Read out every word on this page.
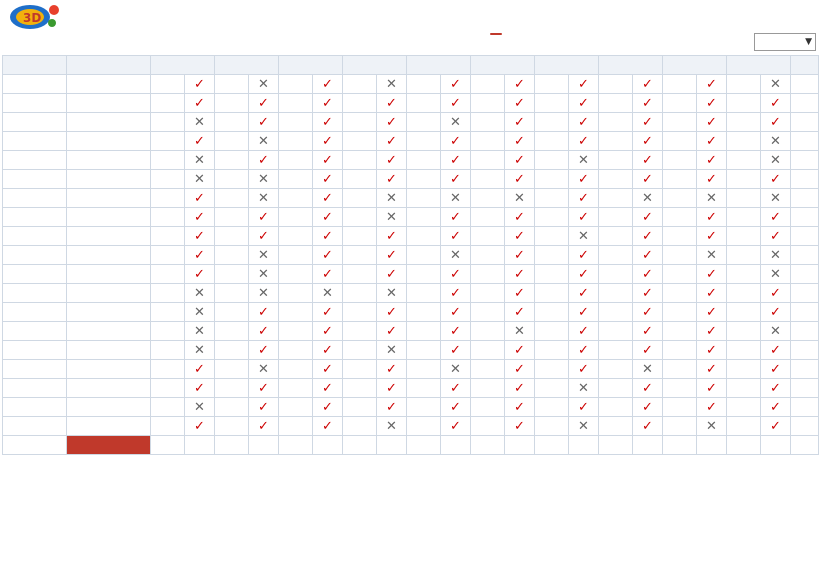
3D
▼

			✓		✕		✓		✕		✓		✓		✓		✓		✓		✕	
			✓		✓		✓		✓		✓		✓		✓		✓		✓		✓	
			✕		✓		✓		✓		✕		✓		✓		✓		✓		✓	
			✓		✕		✓		✓		✓		✓		✓		✓		✓		✕	
			✕		✓		✓		✓		✓		✓		✕		✓		✓		✕	
			✕		✕		✓		✓		✓		✓		✓		✓		✓		✓	
			✓		✕		✓		✕		✕		✕		✓		✕		✕		✕	
			✓		✓		✓		✕		✓		✓		✓		✓		✓		✓	
			✓		✓		✓		✓		✓		✓		✕		✓		✓		✓	
			✓		✕		✓		✓		✕		✓		✓		✓		✕		✕	
			✓		✕		✓		✓		✓		✓		✓		✓		✓		✕	
			✕		✕		✕		✕		✓		✓		✓		✓		✓		✓	
			✕		✓		✓		✓		✓		✓		✓		✓		✓		✓	
			✕		✓		✓		✓		✓		✕		✓		✓		✓		✕	
			✕		✓		✓		✕		✓		✓		✓		✓		✓		✓	
			✓		✕		✓		✓		✕		✓		✓		✕		✓		✓	
			✓		✓		✓		✓		✓		✓		✕		✓		✓		✓	
			✕		✓		✓		✓		✓		✓		✓		✓		✓		✓	
			✓		✓		✓		✕		✓		✓		✕		✓		✕		✓	
